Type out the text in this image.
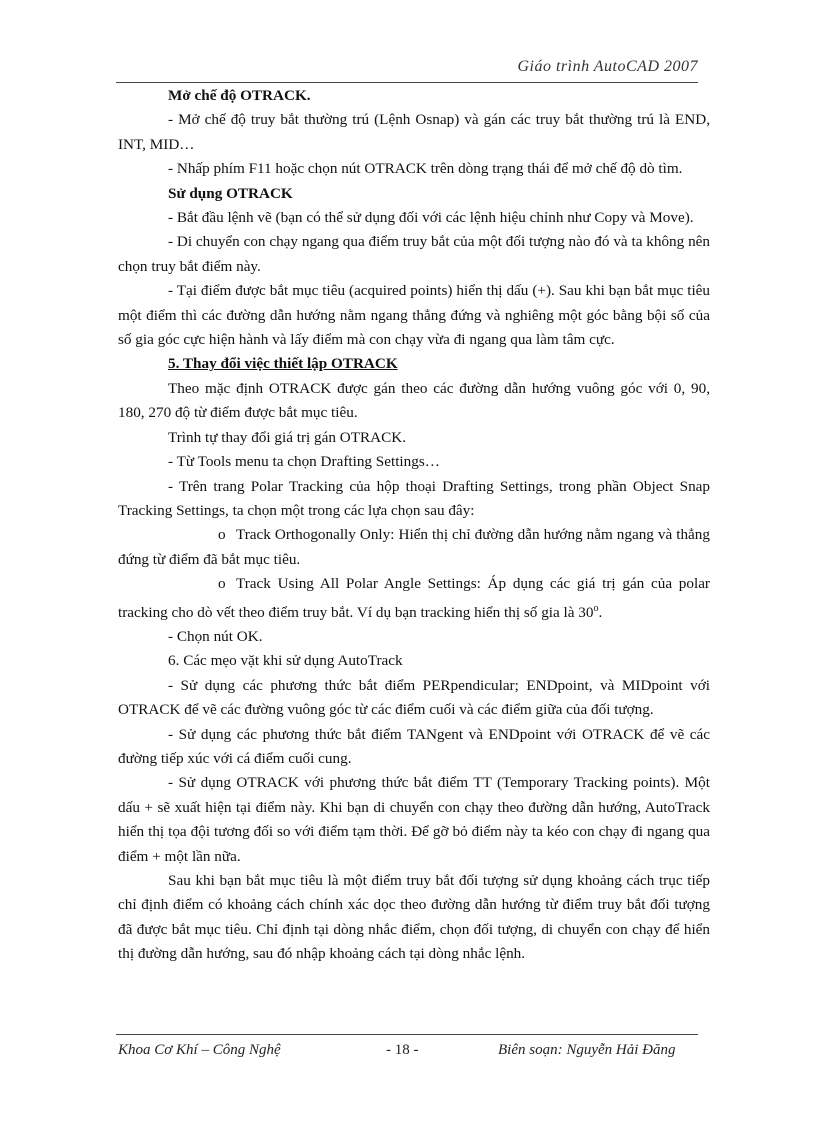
Giáo trình AutoCAD 2007

Mở chế độ OTRACK.

- Mở chế độ truy bắt thường trú (Lệnh Osnap) và gán các truy bắt thường trú là END, INT, MID…

- Nhấp phím F11 hoặc chọn nút OTRACK trên dòng trạng thái để mở chế độ dò tìm.

Sử dụng OTRACK

- Bắt đầu lệnh vẽ (bạn có thể sử dụng đối với các lệnh hiệu chỉnh như Copy và Move).

- Di chuyển con chạy ngang qua điểm truy bắt của một đối tượng nào đó và ta không nên chọn truy bắt điểm này.

- Tại điểm được bắt mục tiêu (acquired points) hiển thị dấu (+). Sau khi bạn bắt mục tiêu một điểm thì các đường dẫn hướng nằm ngang thẳng đứng và nghiêng một góc bằng bội số của số gia góc cực hiện hành và lấy điểm mà con chạy vừa đi ngang qua làm tâm cực.

5. Thay đổi việc thiết lập OTRACK

Theo mặc định OTRACK được gán theo các đường dẫn hướng vuông góc với 0, 90, 180, 270 độ từ điểm được bắt mục tiêu.

Trình tự thay đổi giá trị gán OTRACK.

- Từ Tools menu ta chọn Drafting Settings…

- Trên trang Polar Tracking của hộp thoại Drafting Settings, trong phần Object Snap Tracking Settings, ta chọn một trong các lựa chọn sau đây:

o Track Orthogonally Only: Hiển thị chỉ đường dẫn hướng nằm ngang và thẳng đứng từ điểm đã bắt mục tiêu.

o Track Using All Polar Angle Settings: Áp dụng các giá trị gán của polar tracking cho dò vết theo điểm truy bắt. Ví dụ bạn tracking hiển thị số gia là 30$^o$.

- Chọn nút OK.

6. Các mẹo vặt khi sử dụng AutoTrack

- Sử dụng các phương thức bắt điểm PERpendicular; ENDpoint, và MIDpoint với OTRACK để vẽ các đường vuông góc từ các điểm cuối và các điểm giữa của đối tượng.

- Sử dụng các phương thức bắt điểm TANgent và ENDpoint với OTRACK để vẽ các đường tiếp xúc với cá điểm cuối cung.

- Sử dụng OTRACK với phương thức bắt điểm TT (Temporary Tracking points). Một dấu + sẽ xuất hiện tại điểm này. Khi bạn di chuyển con chạy theo đường dẫn hướng, AutoTrack hiển thị tọa đội tương đối so với điểm tạm thời. Để gỡ bỏ điểm này ta kéo con chạy đi ngang qua điểm + một lần nữa.

Sau khi bạn bắt mục tiêu là một điểm truy bắt đối tượng sử dụng khoảng cách trục tiếp chỉ định điểm có khoảng cách chính xác dọc theo đường dẫn hướng từ điểm truy bắt đối tượng đã được bắt mục tiêu. Chỉ định tại dòng nhắc điểm, chọn đối tượng, di chuyển con chạy để hiển thị đường dẫn hướng, sau đó nhập khoảng cách tại dòng nhắc lệnh.

Khoa Cơ Khí – Công Nghệ	- 18 -	Biên soạn: Nguyễn Hải Đăng
